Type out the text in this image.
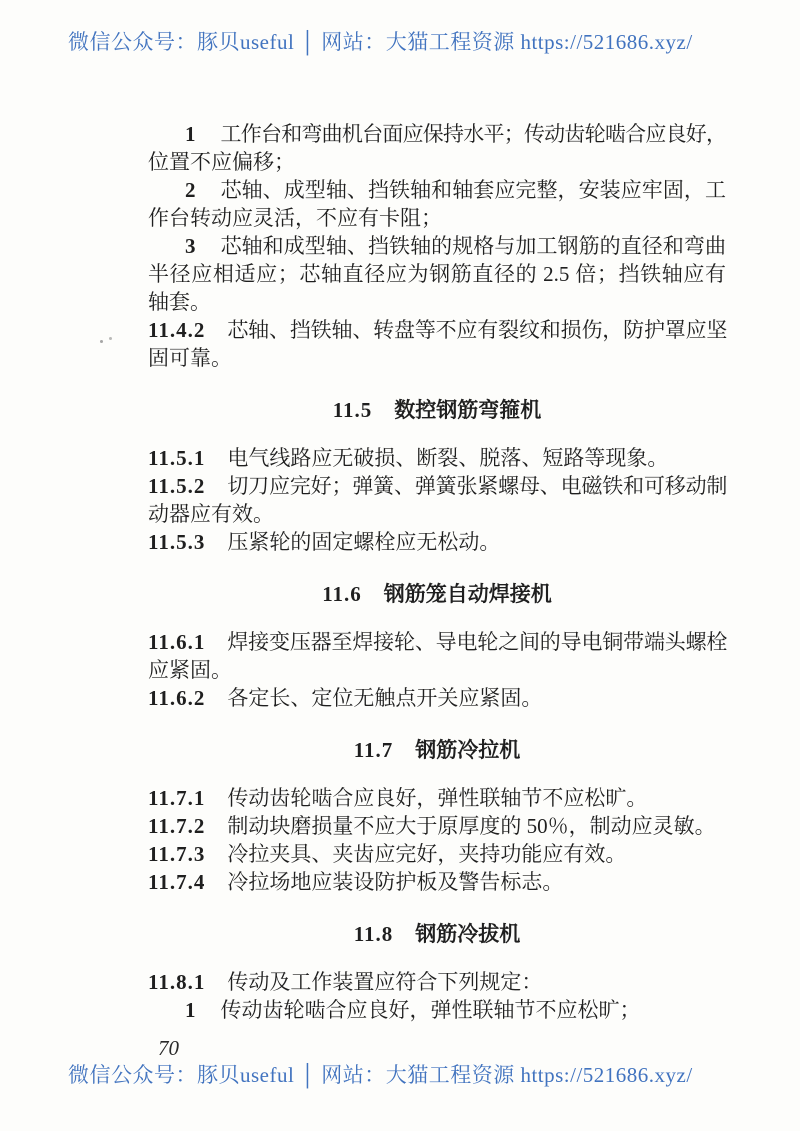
微信公众号：豚贝useful │ 网站：大猫工程资源 https://521686.xyz/
1 工作台和弯曲机台面应保持水平；传动齿轮啮合应良好，
位置不应偏移；
2 芯轴、成型轴、挡铁轴和轴套应完整，安装应牢固，工
作台转动应灵活，不应有卡阻；
3 芯轴和成型轴、挡铁轴的规格与加工钢筋的直径和弯曲
半径应相适应；芯轴直径应为钢筋直径的 2.5 倍；挡铁轴应有
轴套。
11.4.2 芯轴、挡铁轴、转盘等不应有裂纹和损伤，防护罩应坚
固可靠。
11.5 数控钢筋弯箍机
11.5.1 电气线路应无破损、断裂、脱落、短路等现象。
11.5.2 切刀应完好；弹簧、弹簧张紧螺母、电磁铁和可移动制
动器应有效。
11.5.3 压紧轮的固定螺栓应无松动。
11.6 钢筋笼自动焊接机
11.6.1 焊接变压器至焊接轮、导电轮之间的导电铜带端头螺栓
应紧固。
11.6.2 各定长、定位无触点开关应紧固。
11.7 钢筋冷拉机
11.7.1 传动齿轮啮合应良好，弹性联轴节不应松旷。
11.7.2 制动块磨损量不应大于原厚度的 50％，制动应灵敏。
11.7.3 冷拉夹具、夹齿应完好，夹持功能应有效。
11.7.4 冷拉场地应装设防护板及警告标志。
11.8 钢筋冷拔机
11.8.1 传动及工作装置应符合下列规定：
1 传动齿轮啮合应良好，弹性联轴节不应松旷；
70
微信公众号：豚贝useful │ 网站：大猫工程资源 https://521686.xyz/
